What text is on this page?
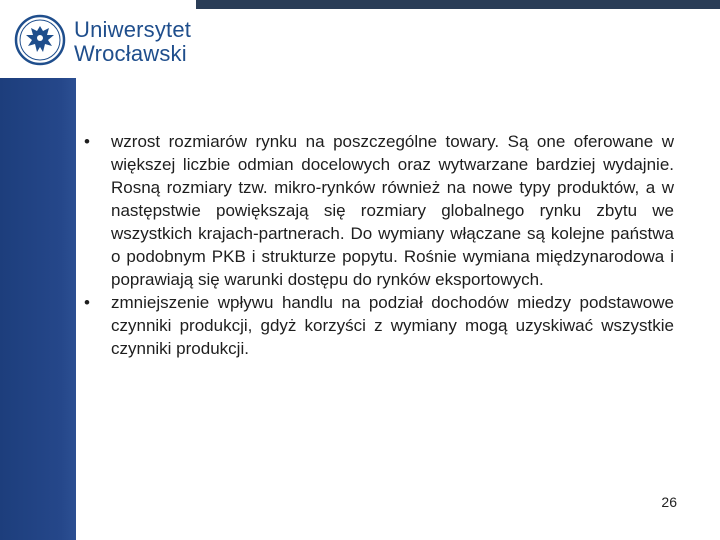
Uniwersytet
Wrocławski
• wzrost rozmiarów rynku na poszczególne towary. Są one oferowane w większej liczbie odmian docelowych oraz wytwarzane bardziej wydajnie. Rosną rozmiary tzw. mikro-rynków również na nowe typy produktów, a w następstwie powiększają się rozmiary globalnego rynku zbytu we wszystkich krajach-partnerach. Do wymiany włączane są kolejne państwa o podobnym PKB i strukturze popytu. Rośnie wymiana międzynarodowa i poprawiają się warunki dostępu do rynków eksportowych.
• zmniejszenie wpływu handlu na podział dochodów miedzy podstawowe czynniki produkcji, gdyż korzyści z wymiany mogą uzyskiwać wszystkie czynniki produkcji.
26
